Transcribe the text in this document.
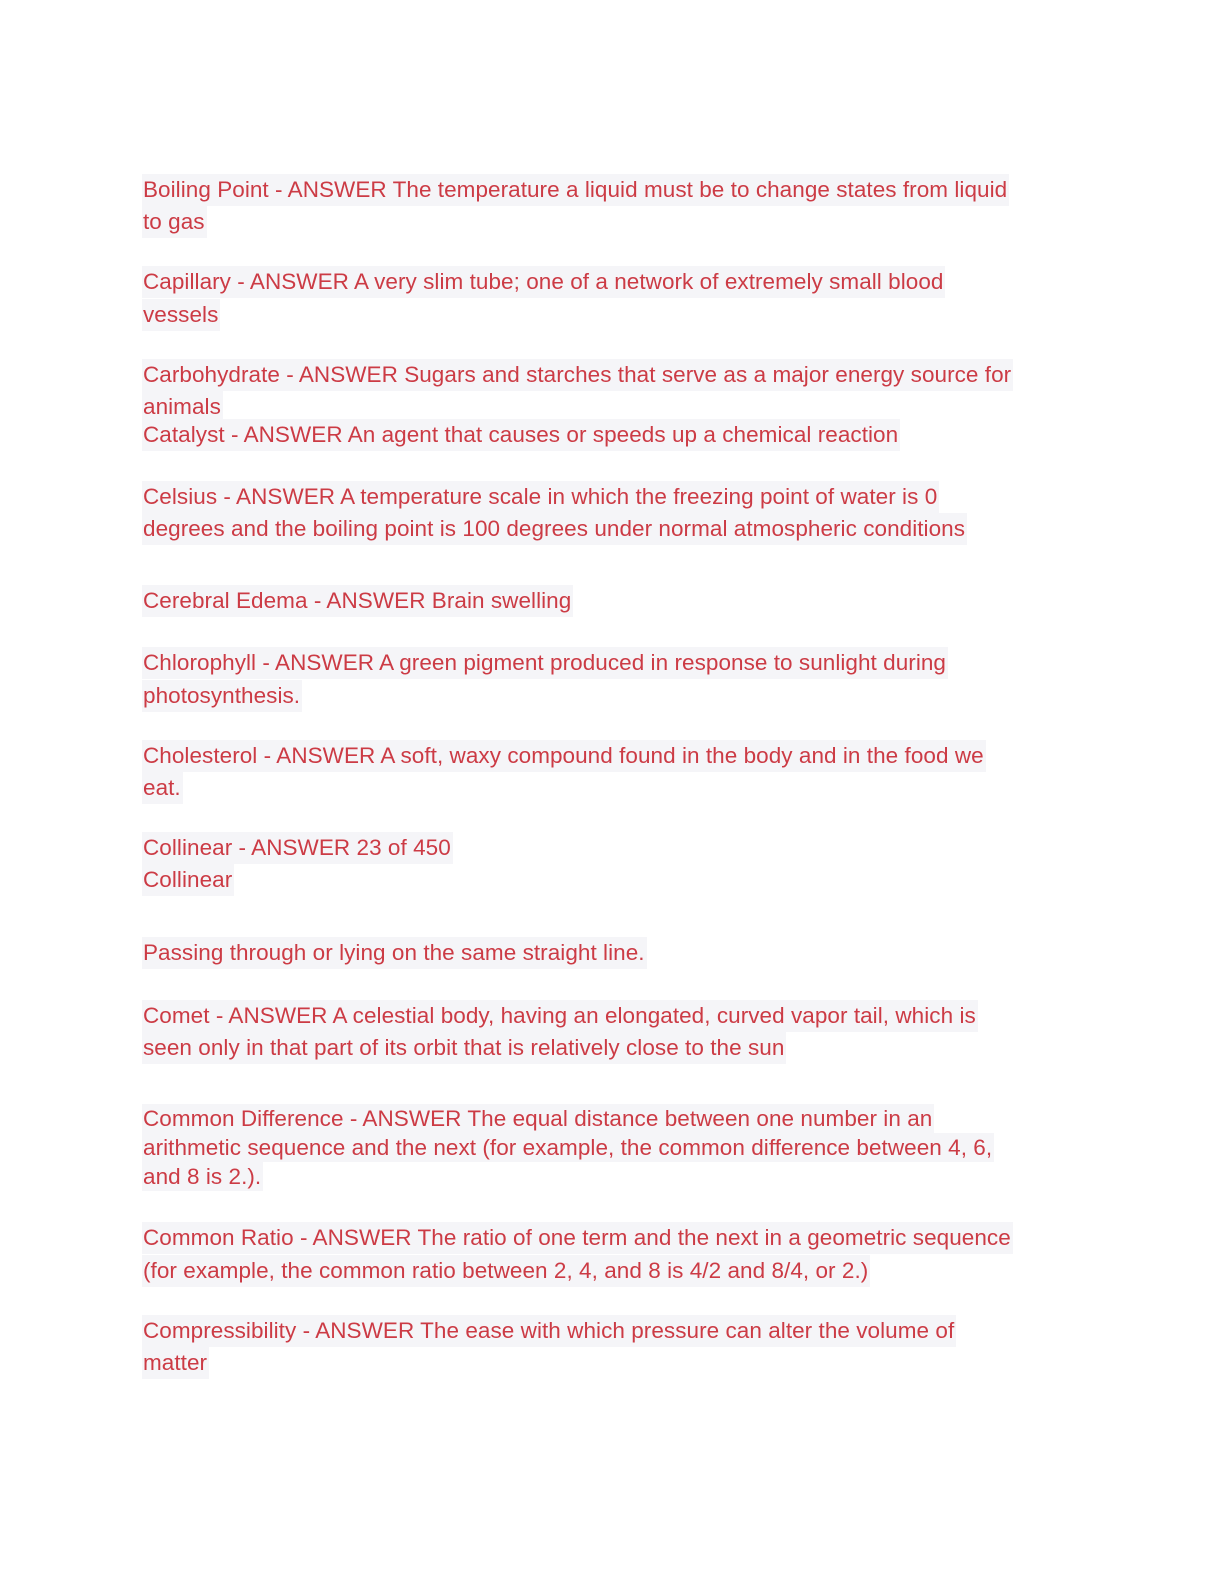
Boiling Point - ANSWER The temperature a liquid must be to change states from liquid

to gas

Capillary - ANSWER A very slim tube; one of a network of extremely small blood

vessels

Carbohydrate - ANSWER Sugars and starches that serve as a major energy source for

animals

Catalyst - ANSWER An agent that causes or speeds up a chemical reaction

Celsius - ANSWER A temperature scale in which the freezing point of water is 0

degrees and the boiling point is 100 degrees under normal atmospheric conditions

Cerebral Edema - ANSWER Brain swelling

Chlorophyll - ANSWER A green pigment produced in response to sunlight during

photosynthesis.

Cholesterol - ANSWER A soft, waxy compound found in the body and in the food we

eat.

Collinear - ANSWER 23 of 450

Collinear

Passing through or lying on the same straight line.

Comet - ANSWER A celestial body, having an elongated, curved vapor tail, which is

seen only in that part of its orbit that is relatively close to the sun

Common Difference - ANSWER The equal distance between one number in an

arithmetic sequence and the next (for example, the common difference between 4, 6,

and 8 is 2.).

Common Ratio - ANSWER The ratio of one term and the next in a geometric sequence

(for example, the common ratio between 2, 4, and 8 is 4/2 and 8/4, or 2.)

Compressibility - ANSWER The ease with which pressure can alter the volume of

matter
